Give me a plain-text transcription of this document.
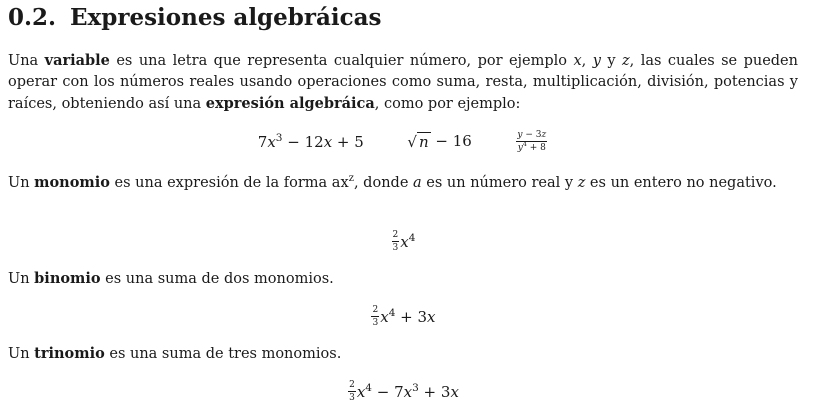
0.2. Expresiones algebráicas

Una variable es una letra que representa cualquier número, por ejemplo x, y y z, las cuales se pueden operar con los números reales usando operaciones como suma, resta, multiplicación, división, potencias y raíces, obteniendo así una expresión algebráica, como por ejemplo:

$7x^3 - 12x + 5$	√ n − 16	$\frac{y - 3z}{y^4 + 8}$

Un monomio es una expresión de la forma $ax^z$, donde a es un número real y z es un entero no negativo.

$\frac{2}{3} x^4$

Un binomio es una suma de dos monomios.

$\frac{2}{3} x^4 + 3x$

Un trinomio es una suma de tres monomios.

$\frac{2}{3} x^4 - 7x^3 + 3x$
